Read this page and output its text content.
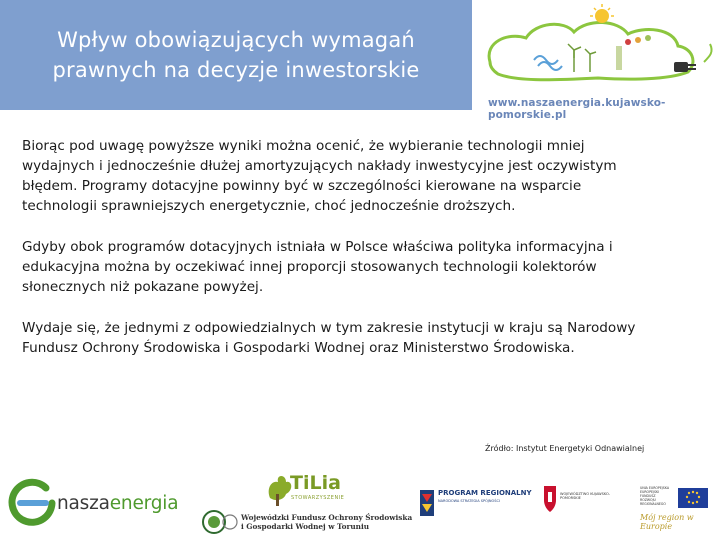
Wpływ obowiązujących wymagań
prawnych na decyzje inwestorskie
www.naszaenergia.kujawsko-pomorskie.pl

Biorąc pod uwagę powyższe wyniki można ocenić, że wybieranie technologii mniej
wydajnych i jednocześnie dłużej amortyzujących nakłady inwestycyjne jest oczywistym
błędem. Programy dotacyjne powinny być w szczególności kierowane na wsparcie
technologii sprawniejszych energetycznie, choć jednocześnie droższych.

Gdyby obok programów dotacyjnych istniała w Polsce właściwa polityka informacyjna i
edukacyjna można by oczekiwać innej proporcji stosowanych technologii kolektorów
słonecznych niż pokazane powyżej.

Wydaje się, że jednymi z odpowiedzialnych w tym zakresie instytucji w kraju są Narodowy
Fundusz Ochrony Środowiska i Gospodarki Wodnej oraz Ministerstwo Środowiska.

Źródło: Instytut Energetyki Odnawialnej
naszaenergia
TiLia
STOWARZYSZENIE
Wojewódzki Fundusz Ochrony Środowiska
i Gospodarki Wodnej w Toruniu
PROGRAM REGIONALNY
NARODOWA STRATEGIA SPÓJNOŚCI
WOJEWÓDZTWO KUJAWSKO-POMORSKIE
UNIA EUROPEJSKA EUROPEJSKI FUNDUSZ ROZWOJU REGIONALNEGO
Mój region w Europie
